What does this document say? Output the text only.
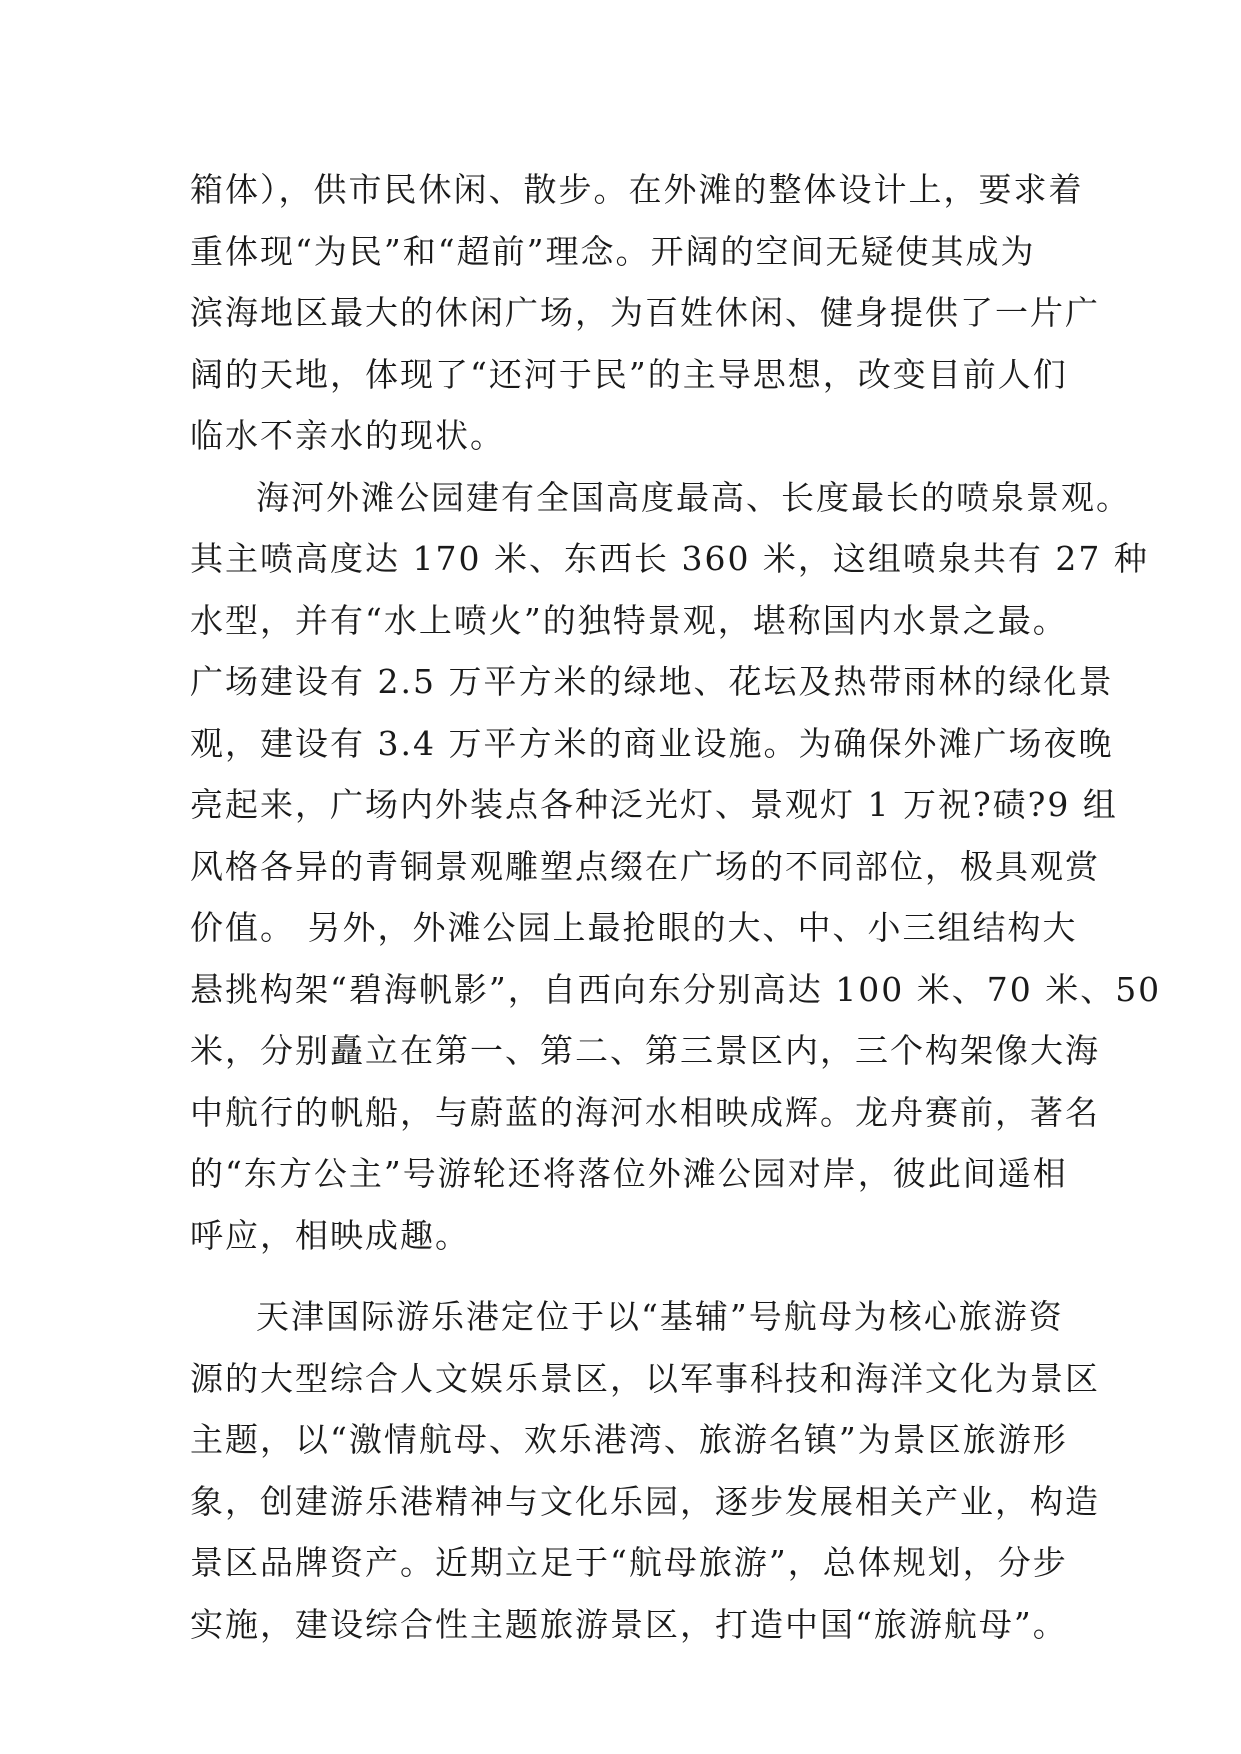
箱体），供市民休闲、散步。在外滩的整体设计上，要求着
重体现“为民”和“超前”理念。开阔的空间无疑使其成为
滨海地区最大的休闲广场，为百姓休闲、健身提供了一片广
阔的天地，体现了“还河于民”的主导思想，改变目前人们
临水不亲水的现状。
海河外滩公园建有全国高度最高、长度最长的喷泉景观。
其主喷高度达 170 米、东西长 360 米，这组喷泉共有 27 种
水型，并有“水上喷火”的独特景观，堪称国内水景之最。
广场建设有 2.5 万平方米的绿地、花坛及热带雨林的绿化景
观，建设有 3.4 万平方米的商业设施。为确保外滩广场夜晚
亮起来，广场内外装点各种泛光灯、景观灯 1 万祝?碛?9 组
风格各异的青铜景观雕塑点缀在广场的不同部位，极具观赏
价值。 另外，外滩公园上最抢眼的大、中、小三组结构大
悬挑构架“碧海帆影”，自西向东分别高达 100 米、70 米、50
米，分别矗立在第一、第二、第三景区内，三个构架像大海
中航行的帆船，与蔚蓝的海河水相映成辉。龙舟赛前，著名
的“东方公主”号游轮还将落位外滩公园对岸，彼此间遥相
呼应，相映成趣。
天津国际游乐港定位于以“基辅”号航母为核心旅游资
源的大型综合人文娱乐景区，以军事科技和海洋文化为景区
主题，以“激情航母、欢乐港湾、旅游名镇”为景区旅游形
象，创建游乐港精神与文化乐园，逐步发展相关产业，构造
景区品牌资产。近期立足于“航母旅游”，总体规划，分步
实施，建设综合性主题旅游景区，打造中国“旅游航母”。
